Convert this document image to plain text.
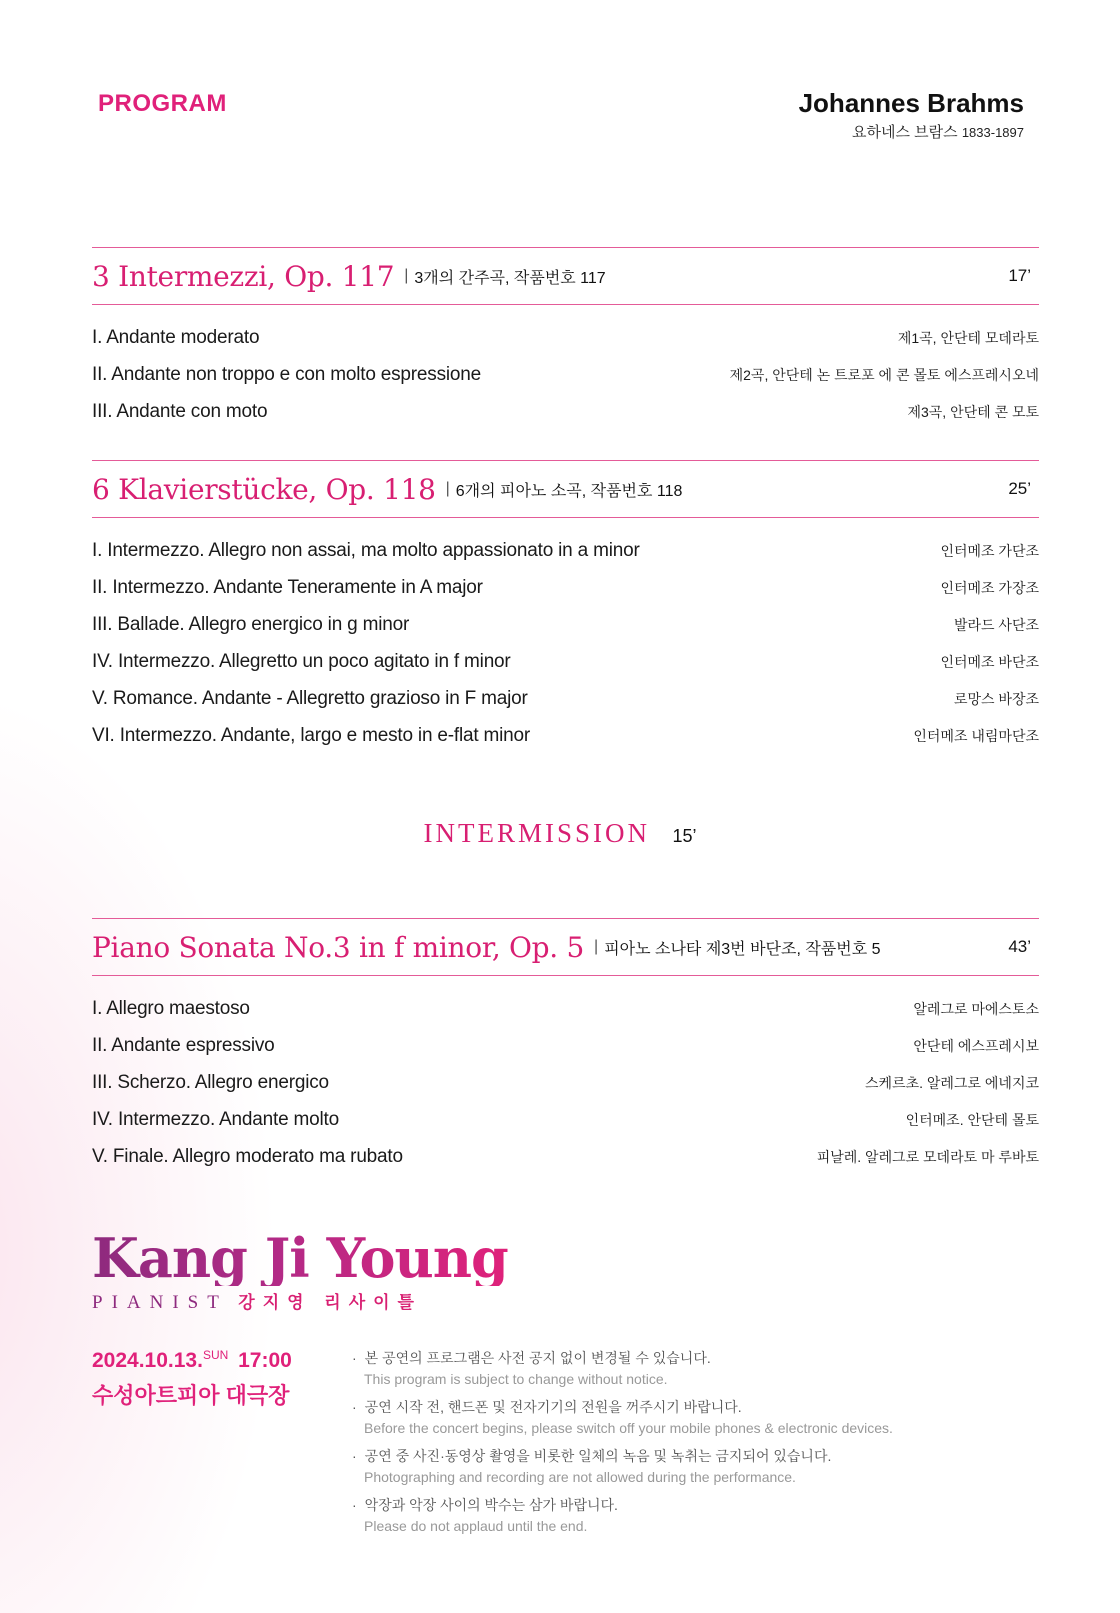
PROGRAM	Johannes Brahms
요하네스 브람스 1833-1897
3 Intermezzi, Op. 117 | 3개의 간주곡, 작품번호 117	17’
I. Andante moderato	제1곡, 안단테 모데라토
II. Andante non troppo e con molto espressione	제2곡, 안단테 논 트로포 에 콘 몰토 에스프레시오네
III. Andante con moto	제3곡, 안단테 콘 모토
6 Klavierstücke, Op. 118 | 6개의 피아노 소곡, 작품번호 118	25’
I. Intermezzo. Allegro non assai, ma molto appassionato in a minor	인터메조 가단조
II. Intermezzo. Andante Teneramente in A major	인터메조 가장조
III. Ballade. Allegro energico in g minor	발라드 사단조
IV. Intermezzo. Allegretto un poco agitato in f minor	인터메조 바단조
V. Romance. Andante - Allegretto grazioso in F major	로망스 바장조
VI. Intermezzo. Andante, largo e mesto in e-flat minor	인터메조 내림마단조
INTERMISSION 15’
Piano Sonata No.3 in f minor, Op. 5 | 피아노 소나타 제3번 바단조, 작품번호 5	43’
I. Allegro maestoso	알레그로 마에스토소
II. Andante espressivo	안단테 에스프레시보
III. Scherzo. Allegro energico	스케르초. 알레그로 에네지코
IV. Intermezzo. Andante molto	인터메조. 안단테 몰토
V. Finale. Allegro moderato ma rubato	피날레. 알레그로 모데라토 마 루바토
Kang Ji Young
PIANIST 강지영 리사이틀
2024.10.13.$^{SUN}$ 17:00
수성아트피아 대극장
· 본 공연의 프로그램은 사전 공지 없이 변경될 수 있습니다.
This program is subject to change without notice.
· 공연 시작 전, 핸드폰 및 전자기기의 전원을 꺼주시기 바랍니다.
Before the concert begins, please switch off your mobile phones & electronic devices.
· 공연 중 사진·동영상 촬영을 비롯한 일체의 녹음 및 녹취는 금지되어 있습니다.
Photographing and recording are not allowed during the performance.
· 악장과 악장 사이의 박수는 삼가 바랍니다.
Please do not applaud until the end.
